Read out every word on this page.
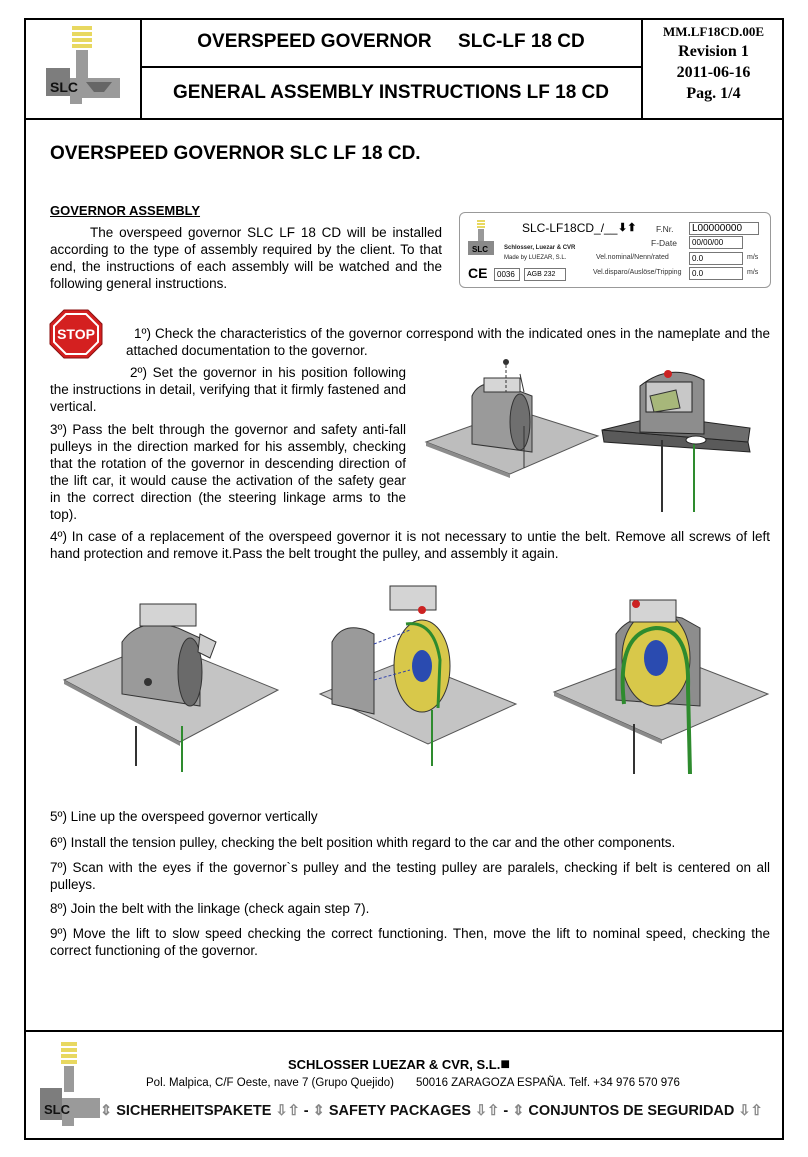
SLC
OVERSPEED GOVERNOR     SLC-LF 18 CD
GENERAL ASSEMBLY INSTRUCTIONS LF 18 CD
MM.LF18CD.00E
Revision 1
2011-06-16
Pag. 1/4
OVERSPEED GOVERNOR SLC LF 18 CD.
GOVERNOR ASSEMBLY

The overspeed governor SLC LF 18 CD will be installed according to the type of assembly required by the client. To that end, the instructions of each assembly will be watched and the following general instructions.

SLC
SLC-LF18CD_/__ ⬇⬆
Schlosser, Luezar & CVR
Made by LUEZAR, S.L.
CE	0036	AGB 232
F.Nr.	L00000000
F-Date	00/00/00
Vel.nominal/Nenn/rated	0.0	m/s
Vel.disparo/Auslöse/Tripping	0.0	m/s
STOP	1º) Check the characteristics of the governor correspond with the indicated ones in the nameplate and the attached documentation to the governor.

2º) Set the governor in his position following the instructions in detail, verifying that it firmly fastened and vertical.

3º) Pass the belt through the governor and safety anti-fall pulleys in the direction marked for his assembly, checking that the rotation of the governor in descending direction of the lift car, it would cause the activation of the safety gear in the correct direction (the steering linkage arms to the top).

4º) In case of a replacement of the overspeed governor it is not necessary to untie the belt. Remove all screws of left hand protection and remove it.Pass the belt trought the pulley, and assembly it again.

5º) Line up the overspeed governor vertically

6º) Install the tension pulley, checking the belt position whith regard to the car and the other components.

7º) Scan with the eyes if the governor`s pulley and the testing pulley are paralels, checking if belt is centered on all pulleys.

8º) Join the belt with the linkage (check again step 7).

9º) Move the lift to slow speed checking the correct functioning. Then, move the lift to nominal speed, checking the correct functioning of the governor.

SLC
SCHLOSSER LUEZAR & CVR, S.L.■
Pol. Malpica, C/F Oeste, nave 7 (Grupo Quejido) 50016 ZARAGOZA ESPAÑA. Telf. +34 976 570 976
⇕ SICHERHEITSPAKETE ⇩⇧ - ⇕ SAFETY PACKAGES ⇩⇧ - ⇕ CONJUNTOS DE SEGURIDAD ⇩⇧
